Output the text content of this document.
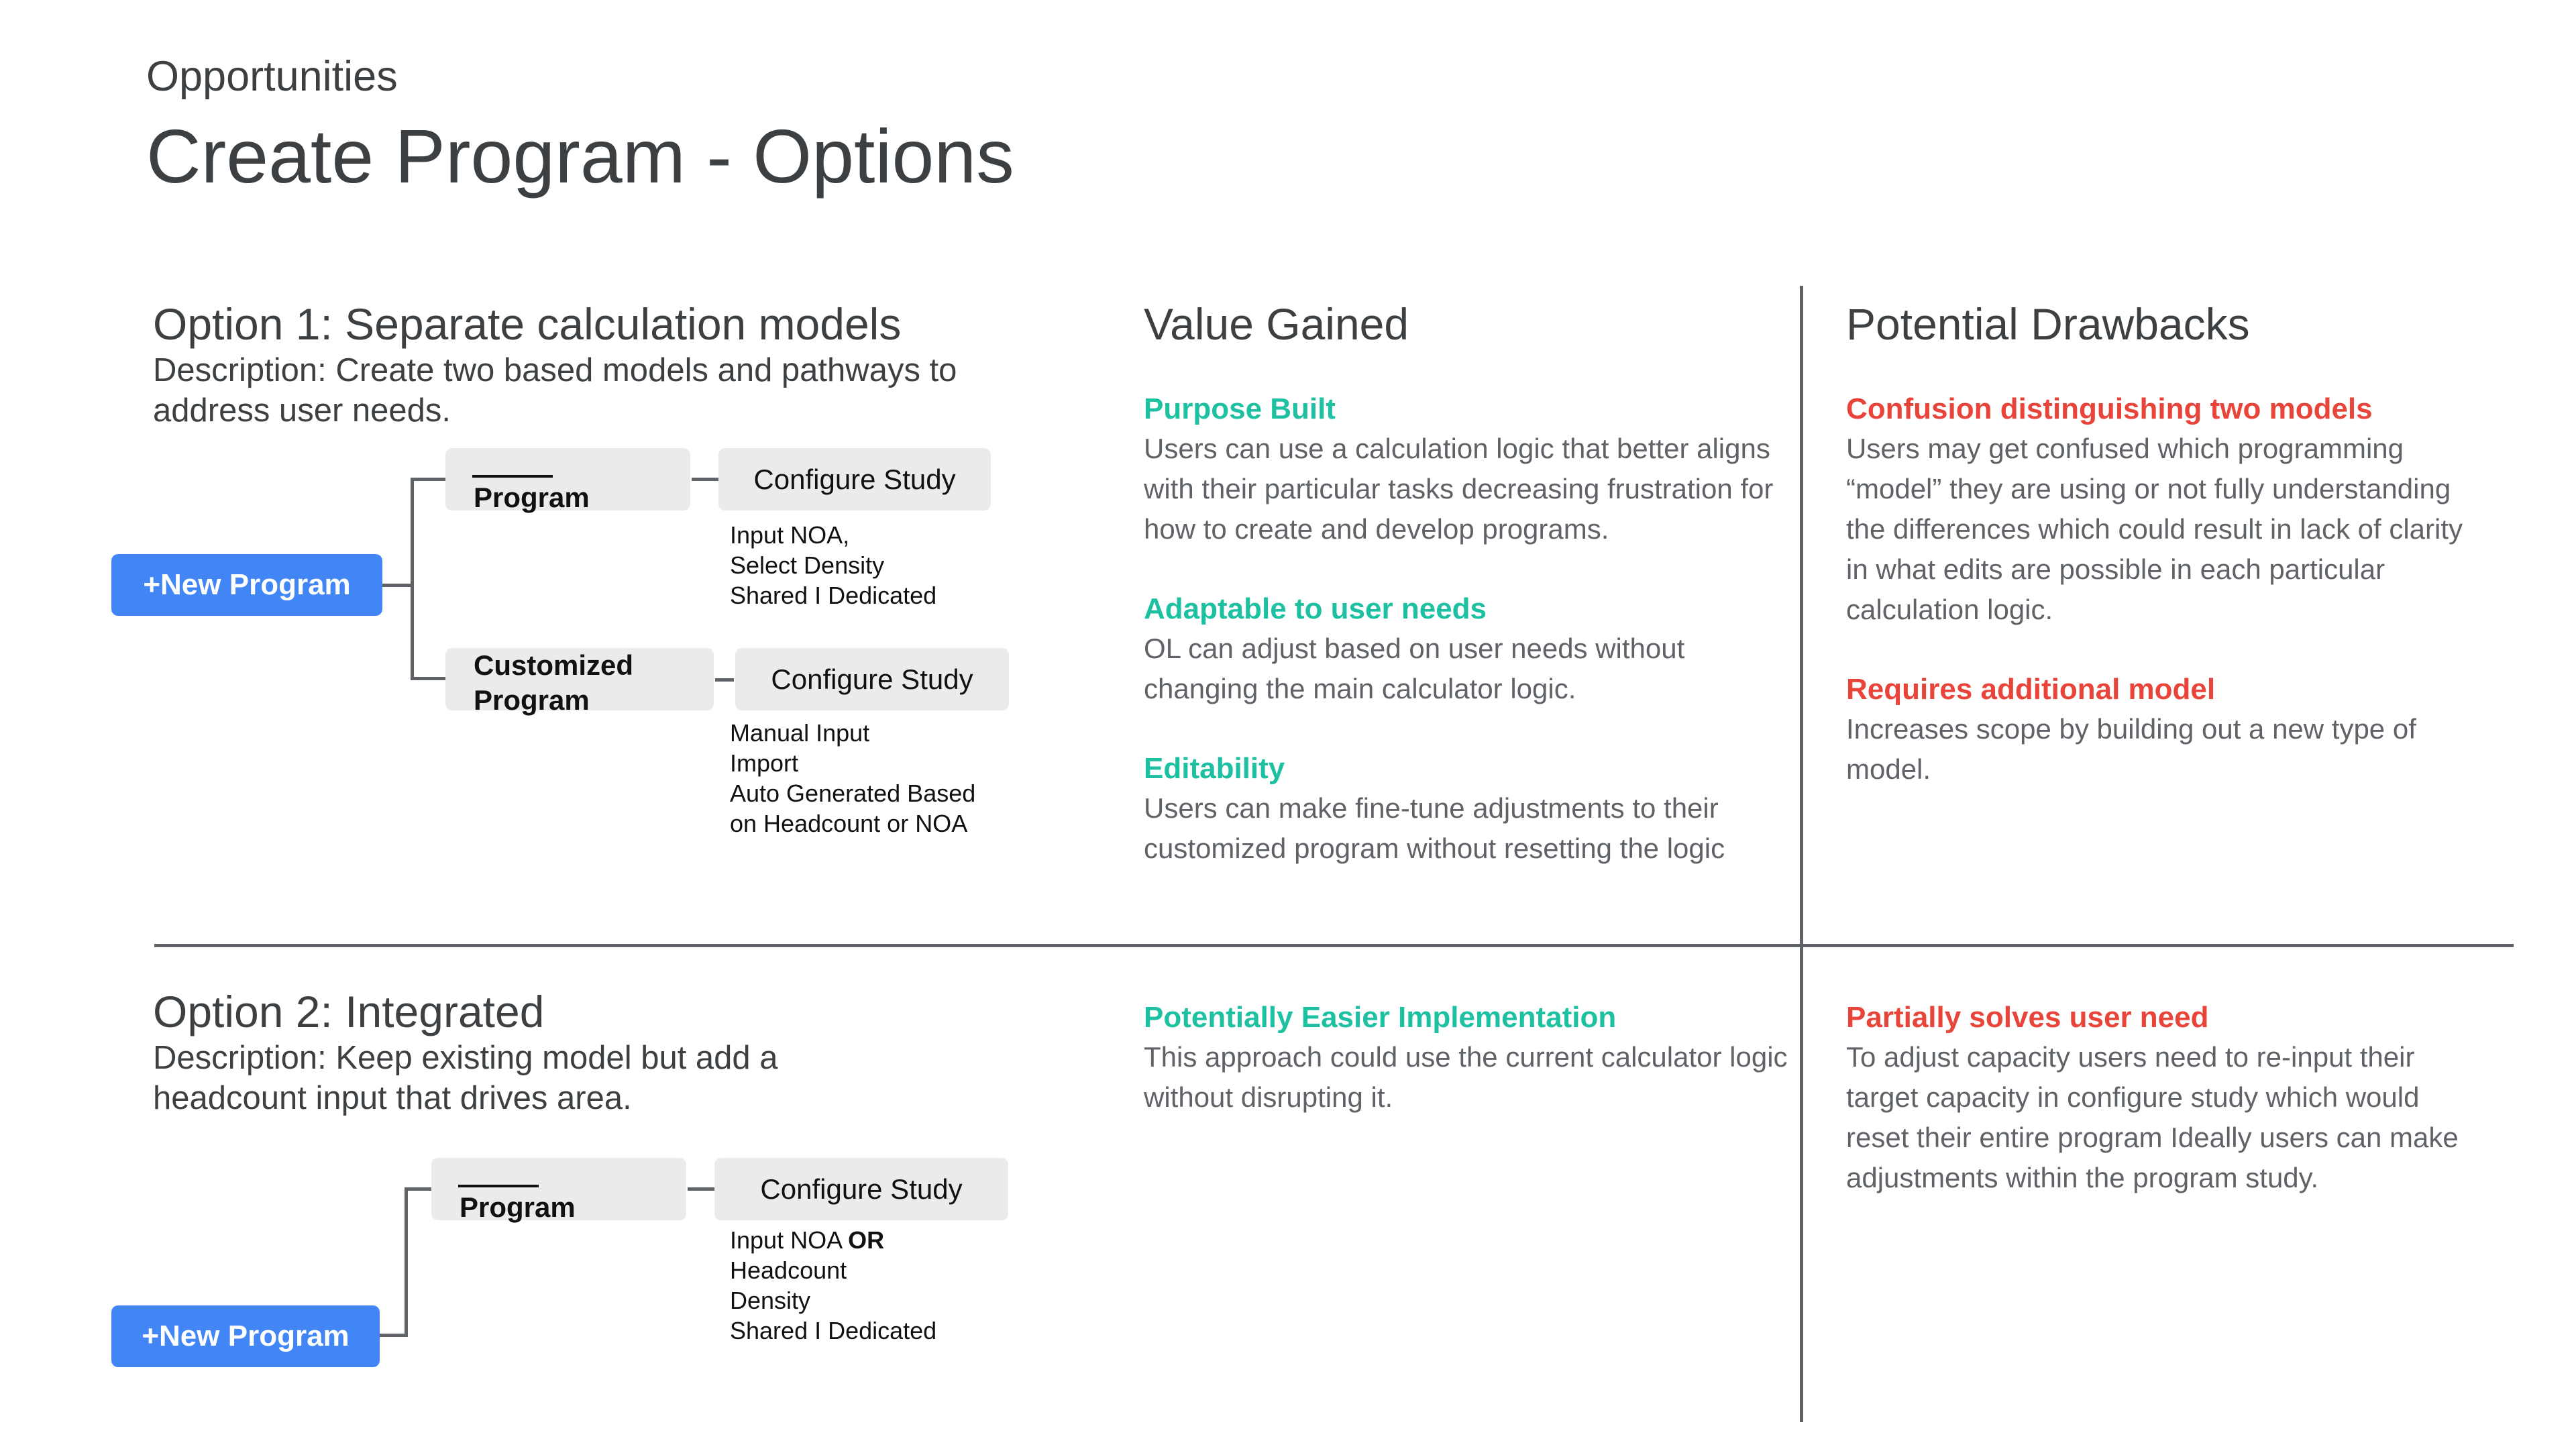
Opportunities
Create Program - Options
Value Gained	Potential Drawbacks
Option 1: Separate calculation models
Description: Create two based models and pathways to address user needs.
+New Program
Program
Configure Study
Input NOA,
Select Density
Shared I Dedicated
Customized
Program
Configure Study
Manual Input
Import
Auto Generated Based
on Headcount or NOA
Purpose Built
Users can use a calculation logic that better aligns with their particular tasks decreasing frustration for how to create and develop programs.
Adaptable to user needs
OL can adjust based on user needs without changing the main calculator logic.
Editability
Users can make fine-tune adjustments to their customized program without resetting the logic
Confusion distinguishing two models
Users may get confused which programming “model” they are using or not fully understanding the differences which could result in lack of clarity in what edits are possible in each particular calculation logic.
Requires additional model
Increases scope by building out a new type of model.
Option 2: Integrated
Description: Keep existing model but add a headcount input that drives area.
+New Program
Program
Configure Study
Input NOA OR
Headcount
Density
Shared I Dedicated
Potentially Easier Implementation
This approach could use the current calculator logic without disrupting it.
Partially solves user need
To adjust capacity users need to re-input their target capacity in configure study which would reset their entire program Ideally users can make adjustments within the program study.
